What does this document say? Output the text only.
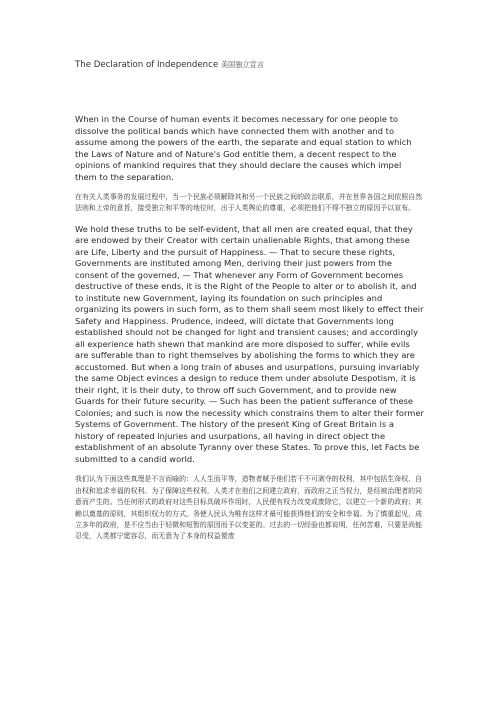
The Declaration of Independence 美国独立宣言

When in the Course of human events it becomes necessary for one people to dissolve the political bands which have connected them with another and to assume among the powers of the earth, the separate and equal station to which the Laws of Nature and of Nature's God entitle them, a decent respect to the opinions of mankind requires that they should declare the causes which impel them to the separation.

在有关人类事务的发展过程中，当一个民族必须解除其和另一个民族之间的政治联系，并在世界各国之间依照自然法则和上帝的意旨，接受独立和平等的地位时，出于人类舆论的尊重，必须把他们不得不独立的原因予以宣布。

We hold these truths to be self-evident, that all men are created equal, that they are endowed by their Creator with certain unalienable Rights, that among these are Life, Liberty and the pursuit of Happiness. — That to secure these rights, Governments are instituted among Men, deriving their just powers from the consent of the governed, — That whenever any Form of Government becomes destructive of these ends, it is the Right of the People to alter or to abolish it, and to institute new Government, laying its foundation on such principles and organizing its powers in such form, as to them shall seem most likely to effect their Safety and Happiness. Prudence, indeed, will dictate that Governments long established should not be changed for light and transient causes; and accordingly all experience hath shewn that mankind are more disposed to suffer, while evils are sufferable than to right themselves by abolishing the forms to which they are accustomed. But when a long train of abuses and usurpations, pursuing invariably the same Object evinces a design to reduce them under absolute Despotism, it is their right, it is their duty, to throw off such Government, and to provide new Guards for their future security. — Such has been the patient sufferance of these Colonies; and such is now the necessity which constrains them to alter their former Systems of Government. The history of the present King of Great Britain is a history of repeated injuries and usurpations, all having in direct object the establishment of an absolute Tyranny over these States. To prove this, let Facts be submitted to a candid world.

我们认为下面这些真理是不言而喻的：人人生而平等，造物者赋予他们若干不可剥夺的权利，其中包括生命权、自由权和追求幸福的权利。为了保障这些权利，人类才在他们之间建立政府，而政府之正当权力，是经被治理者的同意而产生的。当任何形式的政府对这些目标具破坏作用时，人民便有权力改变或废除它，以建立一个新的政府；其赖以奠基的原则，其组织权力的方式，务使人民认为唯有这样才最可能获得他们的安全和幸福。为了慎重起见，成立多年的政府，是不应当由于轻微和短暂的原因而予以变更的。过去的一切经验也都说明，任何苦难，只要是尚能忍受，人类都宁愿容忍，而无意为了本身的权益便废
